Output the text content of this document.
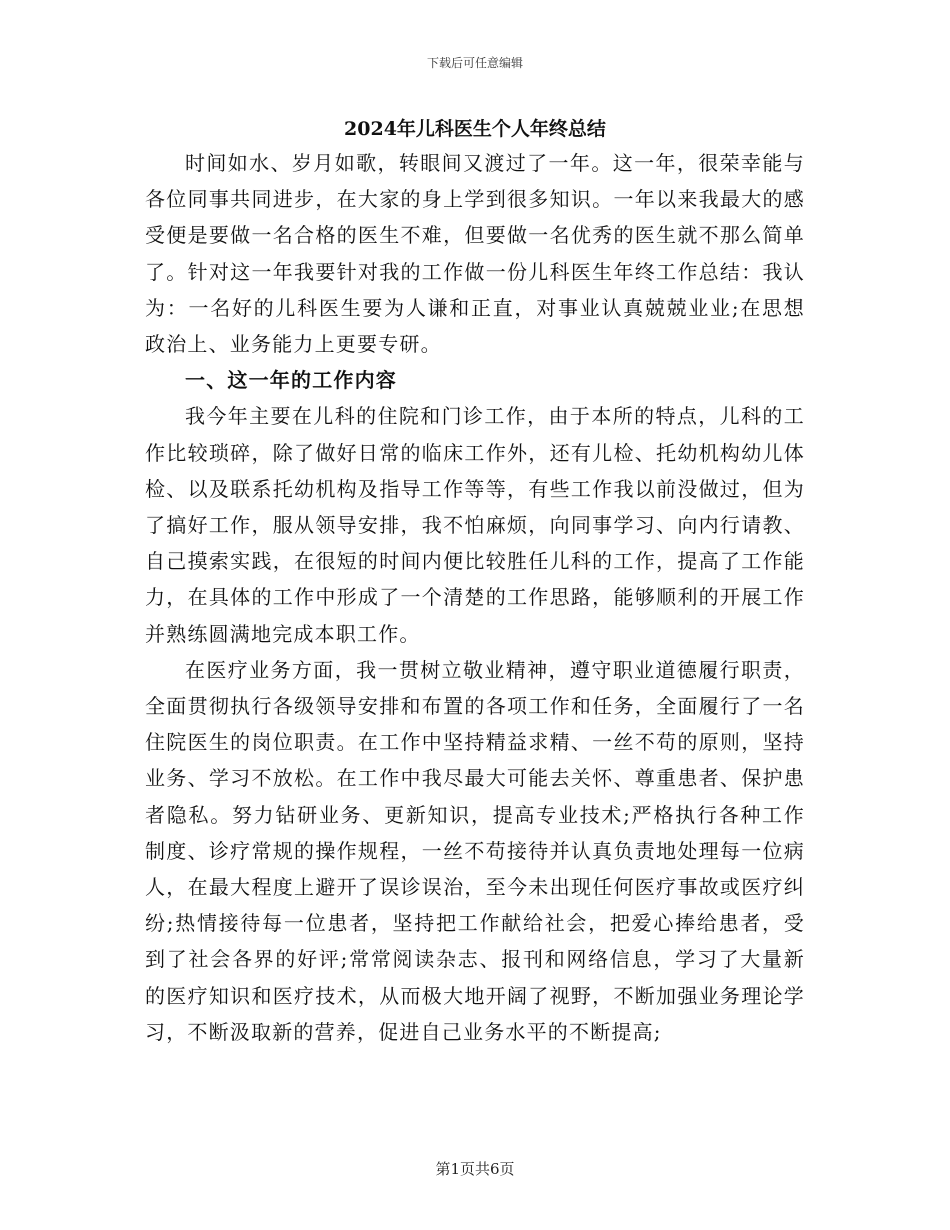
下载后可任意编辑
2024年儿科医生个人年终总结

时间如水、岁月如歌，转眼间又渡过了一年。这一年，很荣幸能与各位同事共同进步，在大家的身上学到很多知识。一年以来我最大的感受便是要做一名合格的医生不难，但要做一名优秀的医生就不那么简单了。针对这一年我要针对我的工作做一份儿科医生年终工作总结：我认为：一名好的儿科医生要为人谦和正直，对事业认真兢兢业业;在思想政治上、业务能力上更要专研。

一、这一年的工作内容

我今年主要在儿科的住院和门诊工作，由于本所的特点，儿科的工作比较琐碎，除了做好日常的临床工作外，还有儿检、托幼机构幼儿体检、以及联系托幼机构及指导工作等等，有些工作我以前没做过，但为了搞好工作，服从领导安排，我不怕麻烦，向同事学习、向内行请教、自己摸索实践，在很短的时间内便比较胜任儿科的工作，提高了工作能力，在具体的工作中形成了一个清楚的工作思路，能够顺利的开展工作并熟练圆满地完成本职工作。

在医疗业务方面，我一贯树立敬业精神，遵守职业道德履行职责，全面贯彻执行各级领导安排和布置的各项工作和任务，全面履行了一名住院医生的岗位职责。在工作中坚持精益求精、一丝不苟的原则，坚持业务、学习不放松。在工作中我尽最大可能去关怀、尊重患者、保护患者隐私。努力钻研业务、更新知识，提高专业技术;严格执行各种工作制度、诊疗常规的操作规程，一丝不苟接待并认真负责地处理每一位病人，在最大程度上避开了误诊误治，至今未出现任何医疗事故或医疗纠纷;热情接待每一位患者，坚持把工作献给社会，把爱心捧给患者，受到了社会各界的好评;常常阅读杂志、报刊和网络信息，学习了大量新的医疗知识和医疗技术，从而极大地开阔了视野，不断加强业务理论学习，不断汲取新的营养，促进自己业务水平的不断提高;

第1页共6页
